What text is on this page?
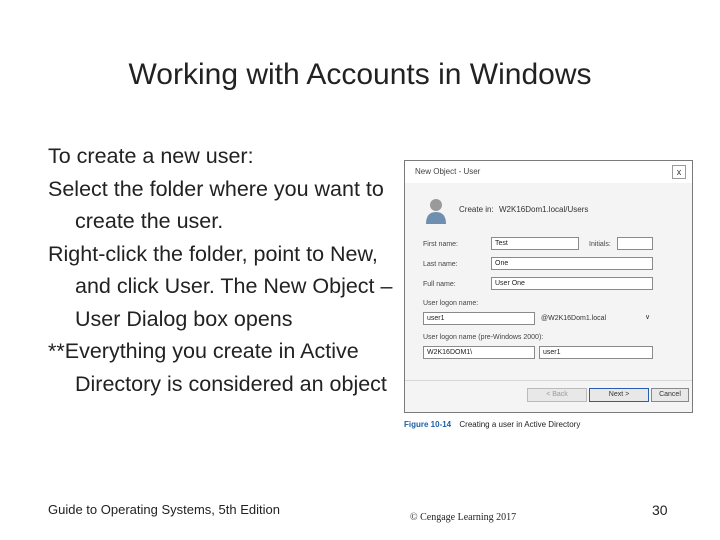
Working with Accounts in Windows
To create a new user:
Select the folder where you want to create the user.
Right-click the folder, point to New, and click User. The New Object – User Dialog box opens
**Everything you create in Active Directory is considered an object
New Object - User	x
Create in: W2K16Dom1.local/Users
First name:	Test	Initials:
Last name:	One
Full name:	User One
User logon name:
user1	@W2K16Dom1.local	∨
User logon name (pre-Windows 2000):
W2K16DOM1\	user1
< Back	Next >	Cancel
Figure 10-14 Creating a user in Active Directory
Guide to Operating Systems, 5th Edition
© Cengage Learning 2017	30
